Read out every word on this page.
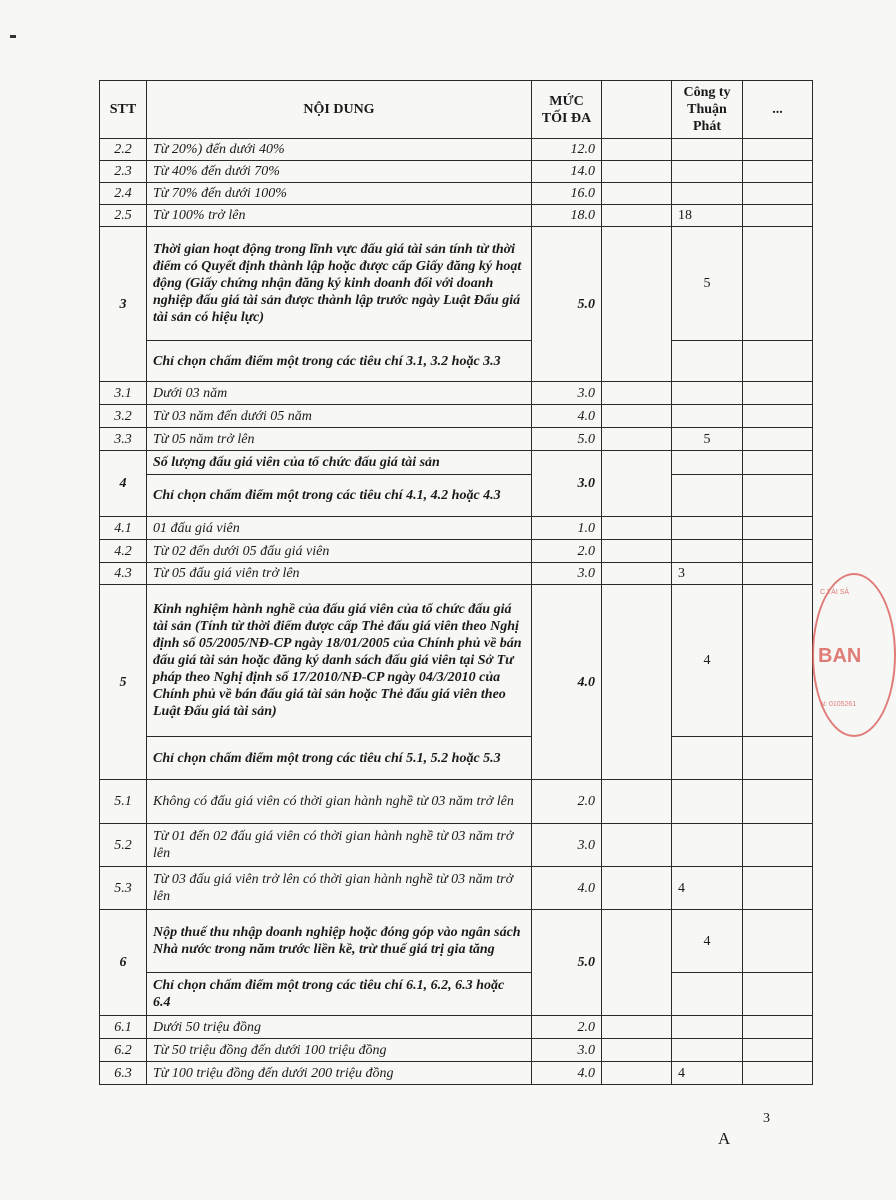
STT	NỘI DUNG	MỨC TỐI ĐA		Công ty Thuận Phát	...
2.2	Từ 20%) đến dưới 40%	12.0			
2.3	Từ 40% đến dưới 70%	14.0			
2.4	Từ 70% đến dưới 100%	16.0			
2.5	Từ 100% trở lên	18.0		18	
3	Thời gian hoạt động trong lĩnh vực đấu giá tài sản tính từ thời điểm có Quyết định thành lập hoặc được cấp Giấy đăng ký hoạt động (Giấy chứng nhận đăng ký kinh doanh đối với doanh nghiệp đấu giá tài sản được thành lập trước ngày Luật Đấu giá tài sản có hiệu lực)	5.0		5	
	Chỉ chọn chấm điểm một trong các tiêu chí 3.1, 3.2 hoặc 3.3				
3.1	Dưới 03 năm	3.0			
3.2	Từ 03 năm đến dưới 05 năm	4.0			
3.3	Từ 05 năm trở lên	5.0		5	
4	Số lượng đấu giá viên của tổ chức đấu giá tài sản	3.0			
	Chỉ chọn chấm điểm một trong các tiêu chí 4.1, 4.2 hoặc 4.3				
4.1	01 đấu giá viên	1.0			
4.2	Từ 02 đến dưới 05 đấu giá viên	2.0			
4.3	Từ 05 đấu giá viên trở lên	3.0		3	
5	Kinh nghiệm hành nghề của đấu giá viên của tổ chức đấu giá tài sản (Tính từ thời điểm được cấp Thẻ đấu giá viên theo Nghị định số 05/2005/NĐ-CP ngày 18/01/2005 của Chính phủ về bán đấu giá tài sản hoặc đăng ký danh sách đấu giá viên tại Sở Tư pháp theo Nghị định số 17/2010/NĐ-CP ngày 04/3/2010 của Chính phủ về bán đấu giá tài sản hoặc Thẻ đấu giá viên theo Luật Đấu giá tài sản)	4.0		4	
	Chỉ chọn chấm điểm một trong các tiêu chí 5.1, 5.2 hoặc 5.3				
5.1	Không có đấu giá viên có thời gian hành nghề từ 03 năm trở lên	2.0			
5.2	Từ 01 đến 02 đấu giá viên có thời gian hành nghề từ 03 năm trở lên	3.0			
5.3	Từ 03 đấu giá viên trở lên có thời gian hành nghề từ 03 năm trở lên	4.0		4	
6	Nộp thuế thu nhập doanh nghiệp hoặc đóng góp vào ngân sách Nhà nước trong năm trước liền kề, trừ thuế giá trị gia tăng	5.0		4	
	Chỉ chọn chấm điểm một trong các tiêu chí 6.1, 6.2, 6.3 hoặc 6.4				
6.1	Dưới 50 triệu đồng	2.0			
6.2	Từ 50 triệu đồng đến dưới 100 triệu đồng	3.0			
6.3	Từ 100 triệu đồng đến dưới 200 triệu đồng	4.0		4	
C TÀI SẢ
BAN
N: 0105261
3
A
